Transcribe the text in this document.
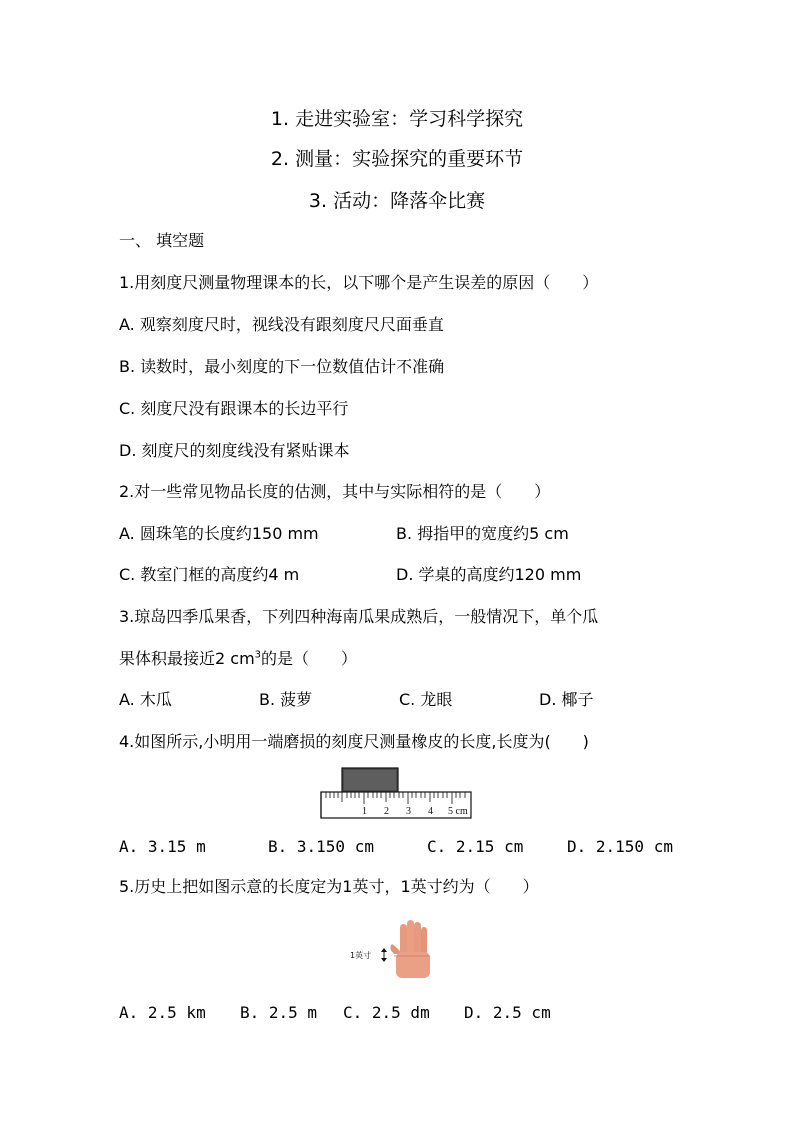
1. 走进实验室：学习科学探究
2. 测量：实验探究的重要环节
3. 活动：降落伞比赛
一、 填空题
1.用刻度尺测量物理课本的长，以下哪个是产生误差的原因（　　）
A. 观察刻度尺时，视线没有跟刻度尺尺面垂直
B. 读数时，最小刻度的下一位数值估计不准确
C. 刻度尺没有跟课本的长边平行
D. 刻度尺的刻度线没有紧贴课本
2.对一些常见物品长度的估测，其中与实际相符的是（　　）
A. 圆珠笔的长度约150 mm	B. 拇指甲的宽度约5 cm
C. 教室门框的高度约4 m	D. 学桌的高度约120 mm
3.琼岛四季瓜果香，下列四种海南瓜果成熟后，一般情况下，单个瓜
果体积最接近2 $cm^3$的是（　　）
A. 木瓜	B. 菠萝	C. 龙眼	D. 椰子
4.如图所示,小明用一端磨损的刻度尺测量橡皮的长度,长度为(　　)
1 2 3 4 5 cm
A. 3.15 m	B. 3.150 cm	C. 2.15 cm	D. 2.150 cm
5.历史上把如图示意的长度定为1英寸，1英寸约为（　　）
1英寸
A. 2.5 km B. 2.5 m C. 2.5 dm D. 2.5 cm
